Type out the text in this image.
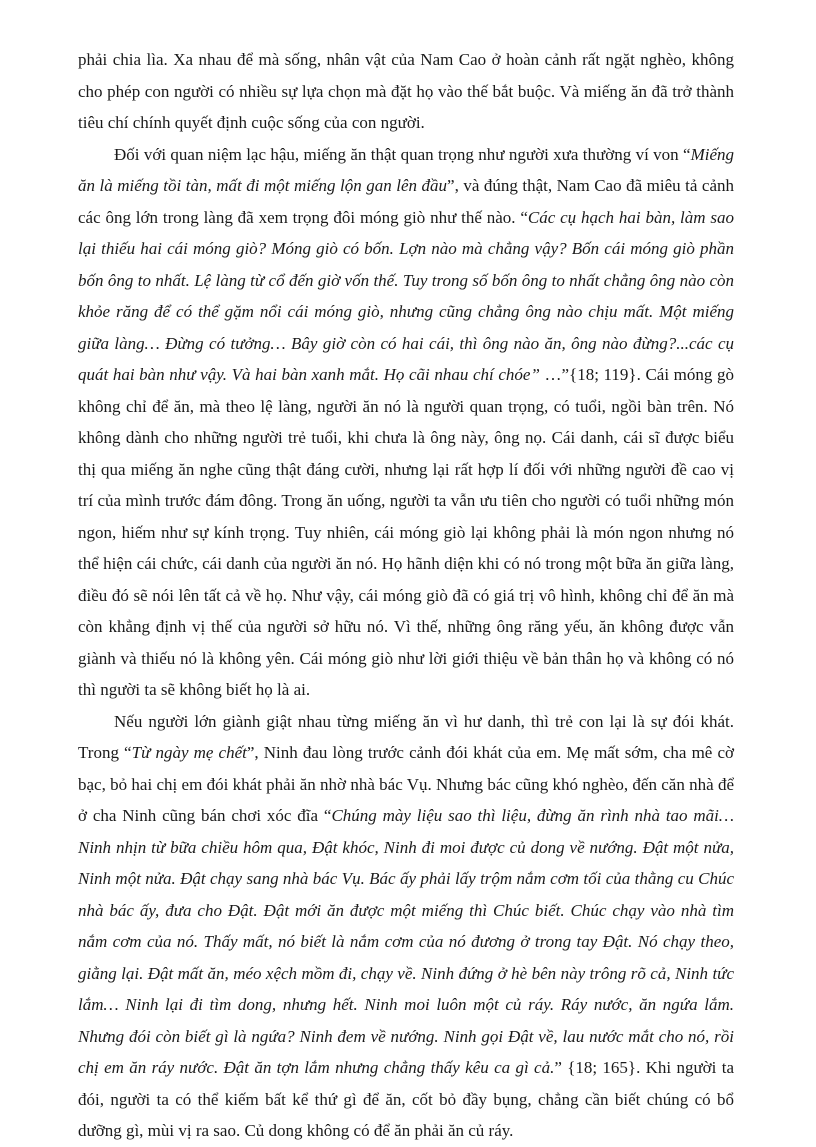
phải chia lìa. Xa nhau để mà sống, nhân vật của Nam Cao ở hoàn cảnh rất ngặt nghèo, không cho phép con người có nhiều sự lựa chọn mà đặt họ vào thế bắt buộc. Và miếng ăn đã trở thành tiêu chí chính quyết định cuộc sống của con người.

Đối với quan niệm lạc hậu, miếng ăn thật quan trọng như người xưa thường ví von “Miếng ăn là miếng tồi tàn, mất đi một miếng lộn gan lên đầu”, và đúng thật, Nam Cao đã miêu tả cảnh các ông lớn trong làng đã xem trọng đôi móng giò như thế nào. “Các cụ hạch hai bàn, làm sao lại thiếu hai cái móng giò? Móng giò có bốn. Lợn nào mà chẳng vậy? Bốn cái móng giò phần bốn ông to nhất. Lệ làng từ cổ đến giờ vốn thế. Tuy trong số bốn ông to nhất chẳng ông nào còn khỏe răng để có thể gặm nổi cái móng giò, nhưng cũng chẳng ông nào chịu mất. Một miếng giữa làng… Đừng có tưởng… Bây giờ còn có hai cái, thì ông nào ăn, ông nào đừng?...các cụ quát hai bàn như vậy. Và hai bàn xanh mắt. Họ cãi nhau chí chóe” …”{18; 119}. Cái móng gò không chỉ để ăn, mà theo lệ làng, người ăn nó là người quan trọng, có tuổi, ngồi bàn trên. Nó không dành cho những người trẻ tuổi, khi chưa là ông này, ông nọ. Cái danh, cái sĩ được biểu thị qua miếng ăn nghe cũng thật đáng cười, nhưng lại rất hợp lí đối với những người đề cao vị trí của mình trước đám đông. Trong ăn uống, người ta vẫn ưu tiên cho người có tuổi những món ngon, hiếm như sự kính trọng. Tuy nhiên, cái móng giò lại không phải là món ngon nhưng nó thể hiện cái chức, cái danh của người ăn nó. Họ hãnh diện khi có nó trong một bữa ăn giữa làng, điều đó sẽ nói lên tất cả về họ. Như vậy, cái móng giò đã có giá trị vô hình, không chỉ để ăn mà còn khẳng định vị thế của người sở hữu nó. Vì thế, những ông răng yếu, ăn không được vẫn giành và thiếu nó là không yên. Cái móng giò như lời giới thiệu về bản thân họ và không có nó thì người ta sẽ không biết họ là ai.

Nếu người lớn giành giật nhau từng miếng ăn vì hư danh, thì trẻ con lại là sự đói khát. Trong “Từ ngày mẹ chết”, Ninh đau lòng trước cảnh đói khát của em. Mẹ mất sớm, cha mê cờ bạc, bỏ hai chị em đói khát phải ăn nhờ nhà bác Vụ. Nhưng bác cũng khó nghèo, đến căn nhà để ở cha Ninh cũng bán chơi xóc đĩa “Chúng mày liệu sao thì liệu, đừng ăn rình nhà tao mãi… Ninh nhịn từ bữa chiều hôm qua, Đật khóc, Ninh đi moi được củ dong về nướng. Đật một nửa, Ninh một nửa. Đật chạy sang nhà bác Vụ. Bác ấy phải lấy trộm nắm cơm tối của thằng cu Chúc nhà bác ấy, đưa cho Đật. Đật mới ăn được một miếng thì Chúc biết. Chúc chạy vào nhà tìm nắm cơm của nó. Thấy mất, nó biết là nắm cơm của nó đương ở trong tay Đật. Nó chạy theo, giằng lại. Đật mất ăn, méo xệch mồm đi, chạy về. Ninh đứng ở hè bên này trông rõ cả, Ninh tức lắm… Ninh lại đi tìm dong, nhưng hết. Ninh moi luôn một củ ráy. Ráy nước, ăn ngứa lắm. Nhưng đói còn biết gì là ngứa? Ninh đem về nướng. Ninh gọi Đật về, lau nước mắt cho nó, rồi chị em ăn ráy nước. Đật ăn tợn lắm nhưng chẳng thấy kêu ca gì cả.” {18; 165}. Khi người ta đói, người ta có thể kiếm bất kể thứ gì để ăn, cốt bỏ đầy bụng, chẳng cần biết chúng có bổ dưỡng gì, mùi vị ra sao. Củ dong không có để ăn phải ăn củ ráy.
